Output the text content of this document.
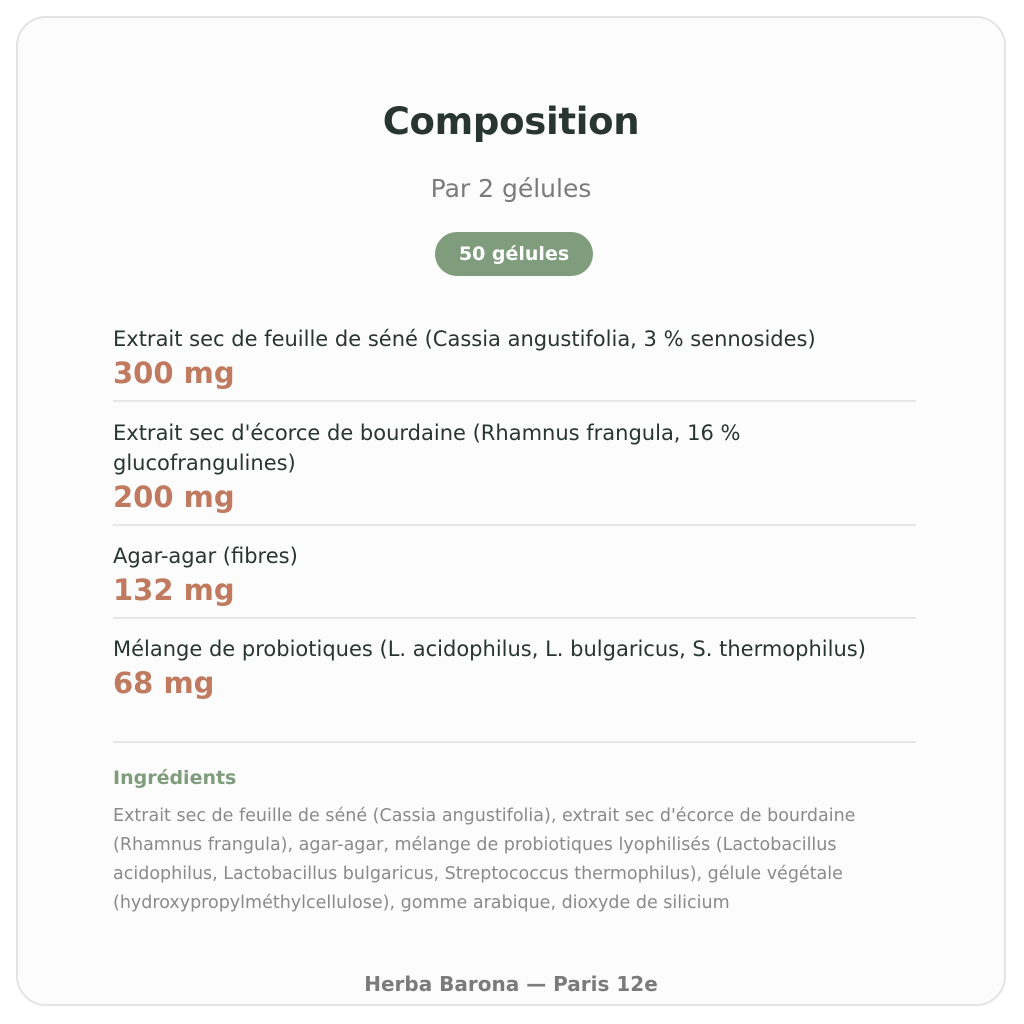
Composition
Par 2 gélules
50 gélules

Extrait sec de feuille de séné (Cassia angustifolia, 3 % sennosides)

300 mg

Extrait sec d'écorce de bourdaine (Rhamnus frangula, 16 % glucofrangulines)

200 mg

Agar-agar (fibres)

132 mg

Mélange de probiotiques (L. acidophilus, L. bulgaricus, S. thermophilus)

68 mg

Ingrédients
Extrait sec de feuille de séné (Cassia angustifolia), extrait sec d'écorce de bourdaine (Rhamnus frangula), agar-agar, mélange de probiotiques lyophilisés (Lactobacillus acidophilus, Lactobacillus bulgaricus, Streptococcus thermophilus), gélule végétale (hydroxypropylméthylcellulose), gomme arabique, dioxyde de silicium
Herba Barona — Paris 12e
